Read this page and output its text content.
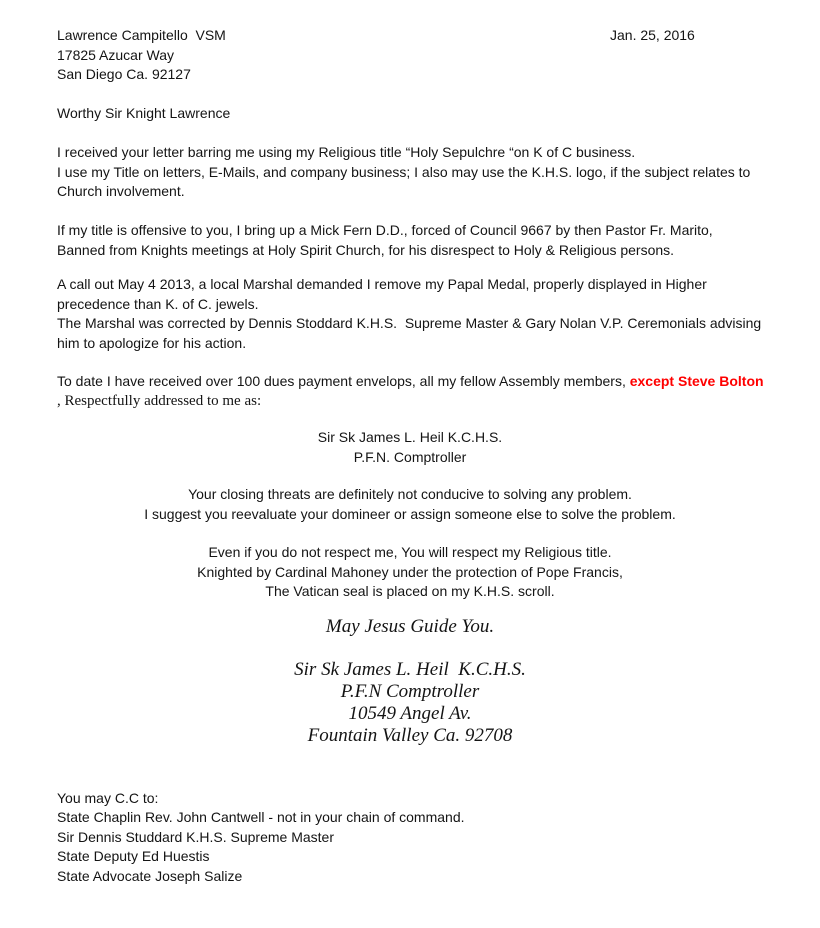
Jan. 25, 2016
Lawrence Campitello  VSM
17825 Azucar Way
San Diego Ca. 92127
Worthy Sir Knight Lawrence
I received your letter barring me using my Religious title “Holy Sepulchre “on K of C business.
I use my Title on letters, E-Mails, and company business; I also may use the K.H.S. logo, if the subject relates to
Church involvement.
If my title is offensive to you, I bring up a Mick Fern D.D., forced of Council 9667 by then Pastor Fr. Marito,
Banned from Knights meetings at Holy Spirit Church, for his disrespect to Holy & Religious persons.
A call out May 4 2013, a local Marshal demanded I remove my Papal Medal, properly displayed in Higher
precedence than K. of C. jewels.
The Marshal was corrected by Dennis Stoddard K.H.S.  Supreme Master & Gary Nolan V.P. Ceremonials advising
him to apologize for his action.
To date I have received over 100 dues payment envelops, all my fellow Assembly members, except Steve Bolton
, Respectfully addressed to me as:
Sir Sk James L. Heil K.C.H.S.
P.F.N. Comptroller
Your closing threats are definitely not conducive to solving any problem.
I suggest you reevaluate your domineer or assign someone else to solve the problem.
Even if you do not respect me, You will respect my Religious title.
Knighted by Cardinal Mahoney under the protection of Pope Francis,
The Vatican seal is placed on my K.H.S. scroll.
May Jesus Guide You.
Sir Sk James L. Heil  K.C.H.S.
P.F.N Comptroller
10549 Angel Av.
Fountain Valley Ca. 92708
You may C.C to:
State Chaplin Rev. John Cantwell - not in your chain of command.
Sir Dennis Studdard K.H.S. Supreme Master
State Deputy Ed Huestis
State Advocate Joseph Salize
